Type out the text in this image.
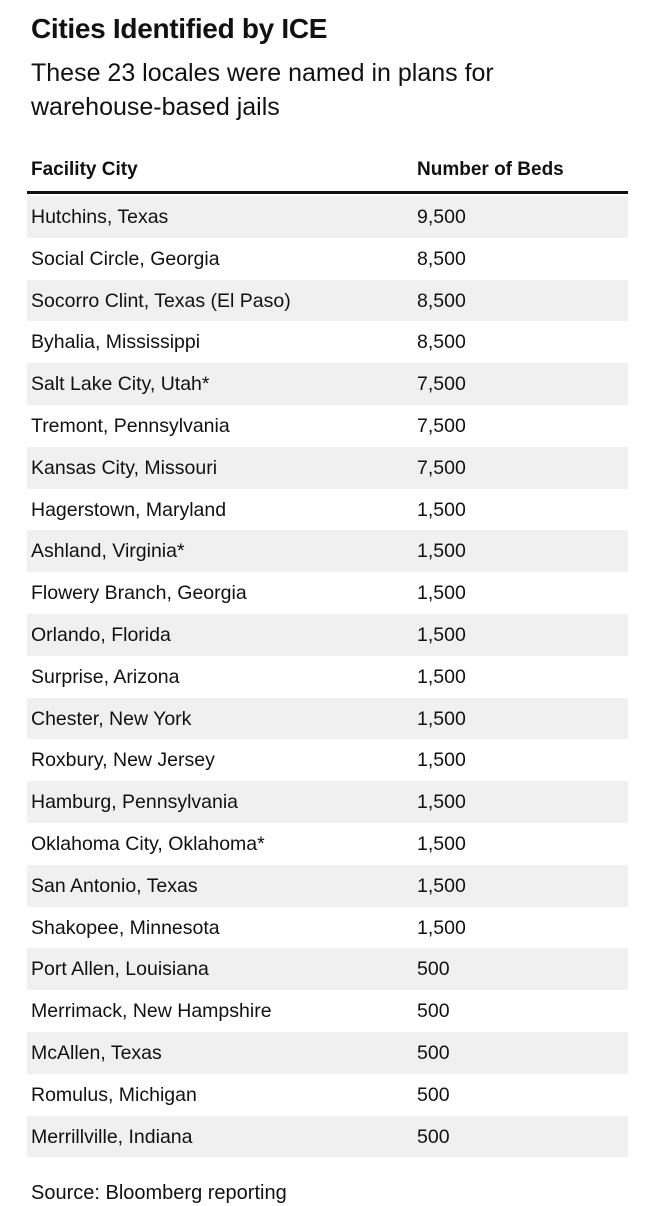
Cities Identified by ICE
These 23 locales were named in plans for warehouse-based jails
Facility City	Number of Beds
Hutchins, Texas	9,500
Social Circle, Georgia	8,500
Socorro Clint, Texas (El Paso)	8,500
Byhalia, Mississippi	8,500
Salt Lake City, Utah*	7,500
Tremont, Pennsylvania	7,500
Kansas City, Missouri	7,500
Hagerstown, Maryland	1,500
Ashland, Virginia*	1,500
Flowery Branch, Georgia	1,500
Orlando, Florida	1,500
Surprise, Arizona	1,500
Chester, New York	1,500
Roxbury, New Jersey	1,500
Hamburg, Pennsylvania	1,500
Oklahoma City, Oklahoma*	1,500
San Antonio, Texas	1,500
Shakopee, Minnesota	1,500
Port Allen, Louisiana	500
Merrimack, New Hampshire	500
McAllen, Texas	500
Romulus, Michigan	500
Merrillville, Indiana	500
Source: Bloomberg reporting
